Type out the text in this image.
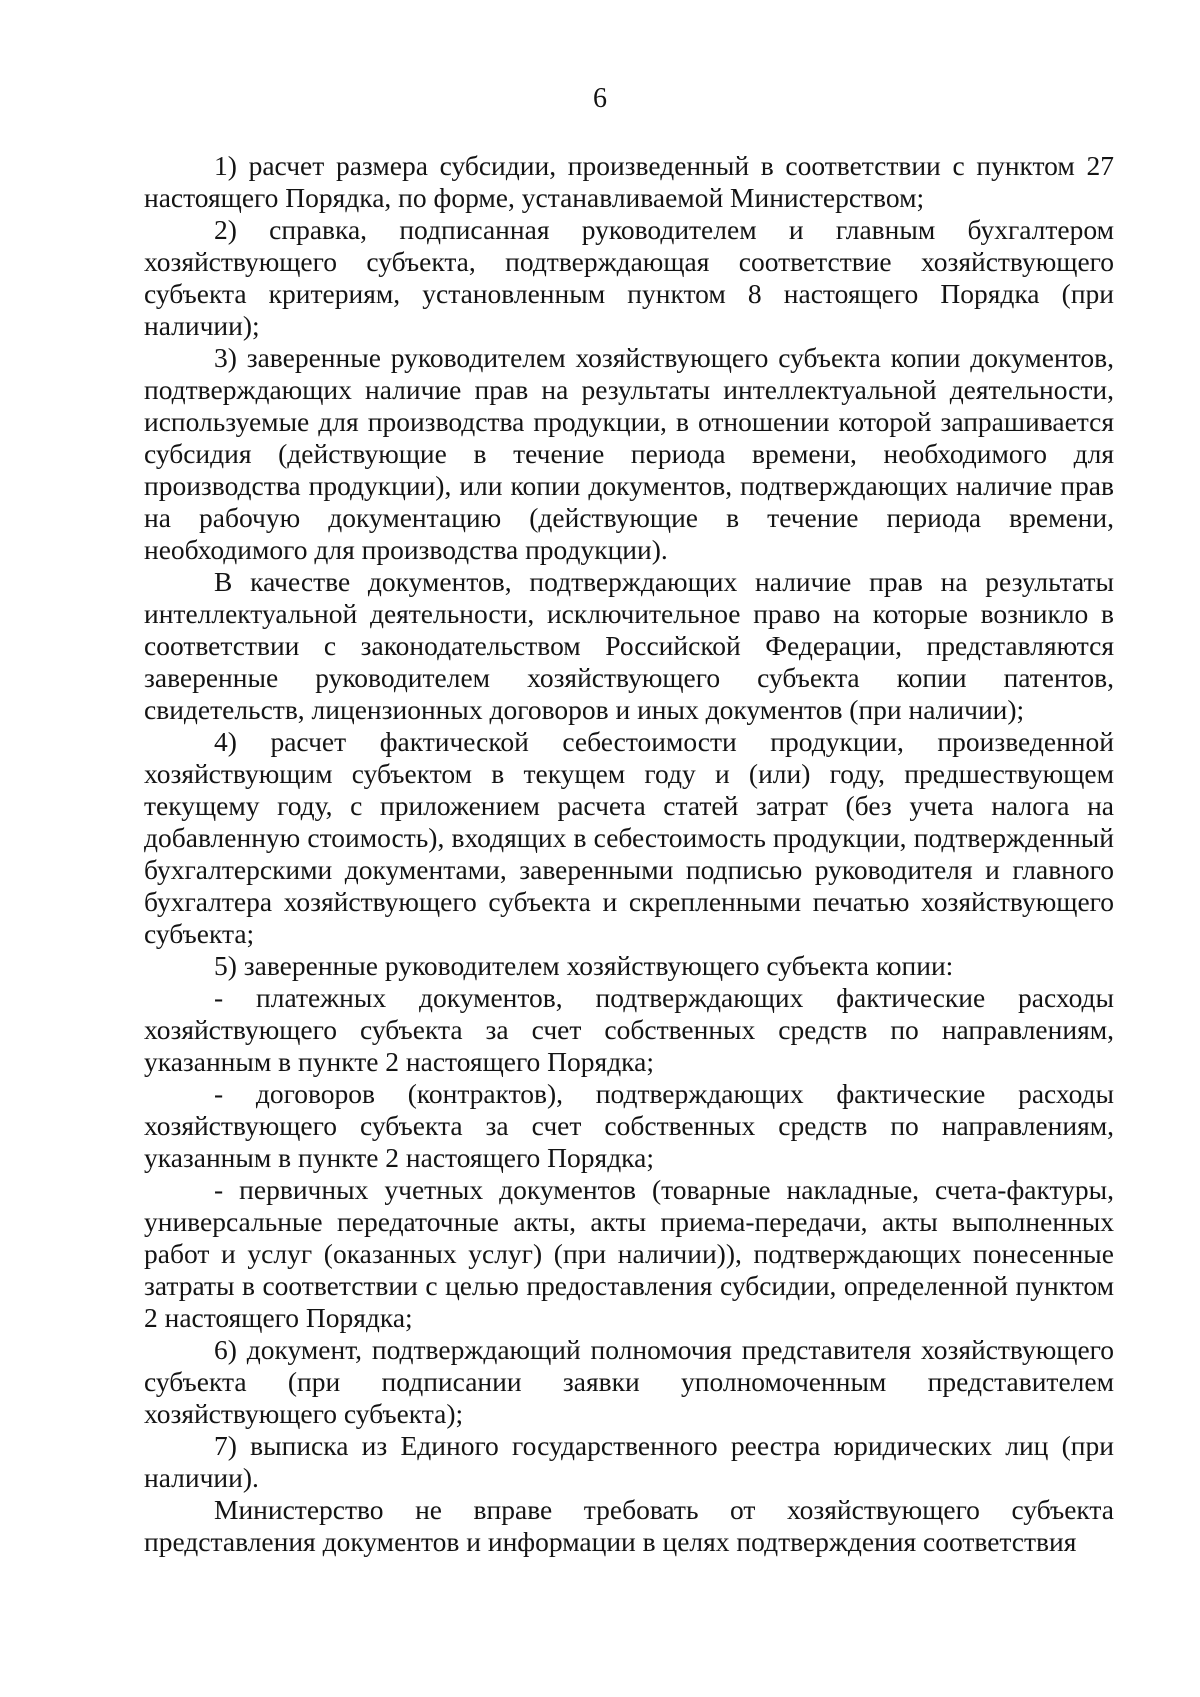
6

1) расчет размера субсидии, произведенный в соответствии с пунктом 27 настоящего Порядка, по форме, устанавливаемой Министерством;

2) справка, подписанная руководителем и главным бухгалтером хозяйствующего субъекта, подтверждающая соответствие хозяйствующего субъекта критериям, установленным пунктом 8 настоящего Порядка (при наличии);

3) заверенные руководителем хозяйствующего субъекта копии документов, подтверждающих наличие прав на результаты интеллектуальной деятельности, используемые для производства продукции, в отношении которой запрашивается субсидия (действующие в течение периода времени, необходимого для производства продукции), или копии документов, подтверждающих наличие прав на рабочую документацию (действующие в течение периода времени, необходимого для производства продукции).

В качестве документов, подтверждающих наличие прав на результаты интеллектуальной деятельности, исключительное право на которые возникло в соответствии с законодательством Российской Федерации, представляются заверенные руководителем хозяйствующего субъекта копии патентов, свидетельств, лицензионных договоров и иных документов (при наличии);

4) расчет фактической себестоимости продукции, произведенной хозяйствующим субъектом в текущем году и (или) году, предшествующем текущему году, с приложением расчета статей затрат (без учета налога на добавленную стоимость), входящих в себестоимость продукции, подтвержденный бухгалтерскими документами, заверенными подписью руководителя и главного бухгалтера хозяйствующего субъекта и скрепленными печатью хозяйствующего субъекта;

5) заверенные руководителем хозяйствующего субъекта копии:

- платежных документов, подтверждающих фактические расходы хозяйствующего субъекта за счет собственных средств по направлениям, указанным в пункте 2 настоящего Порядка;

- договоров (контрактов), подтверждающих фактические расходы хозяйствующего субъекта за счет собственных средств по направлениям, указанным в пункте 2 настоящего Порядка;

- первичных учетных документов (товарные накладные, счета-фактуры, универсальные передаточные акты, акты приема-передачи, акты выполненных работ и услуг (оказанных услуг) (при наличии)), подтверждающих понесенные затраты в соответствии с целью предоставления субсидии, определенной пунктом 2 настоящего Порядка;

6) документ, подтверждающий полномочия представителя хозяйствующего субъекта (при подписании заявки уполномоченным представителем хозяйствующего субъекта);

7) выписка из Единого государственного реестра юридических лиц (при наличии).

Министерство не вправе требовать от хозяйствующего субъекта представления документов и информации в целях подтверждения соответствия
